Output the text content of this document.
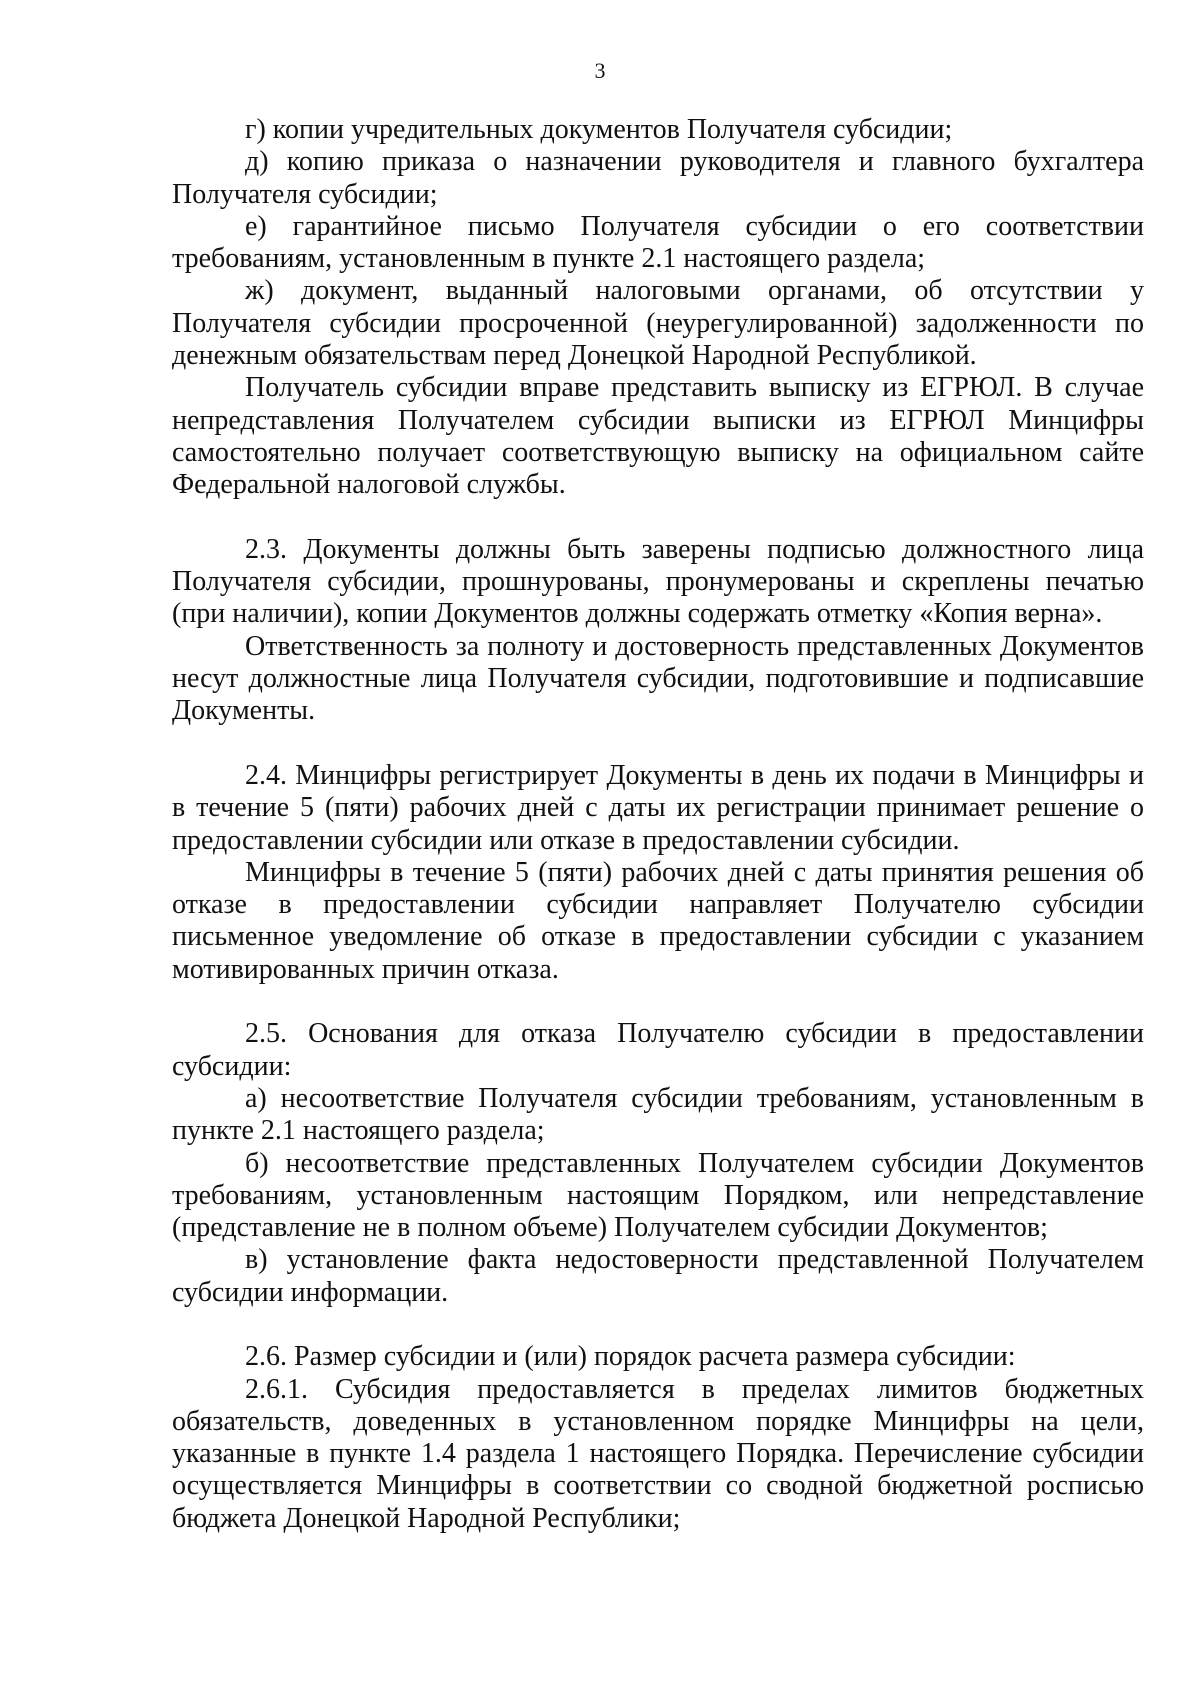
3

г) копии учредительных документов Получателя субсидии;

д) копию приказа о назначении руководителя и главного бухгалтера Получателя субсидии;

е) гарантийное письмо Получателя субсидии о его соответствии требованиям, установленным в пункте 2.1 настоящего раздела;

ж) документ, выданный налоговыми органами, об отсутствии у Получателя субсидии просроченной (неурегулированной) задолженности по денежным обязательствам перед Донецкой Народной Республикой.

Получатель субсидии вправе представить выписку из ЕГРЮЛ. В случае непредставления Получателем субсидии выписки из ЕГРЮЛ Минцифры самостоятельно получает соответствующую выписку на официальном сайте Федеральной налоговой службы.

2.3. Документы должны быть заверены подписью должностного лица Получателя субсидии, прошнурованы, пронумерованы и скреплены печатью (при наличии), копии Документов должны содержать отметку «Копия верна».

Ответственность за полноту и достоверность представленных Документов несут должностные лица Получателя субсидии, подготовившие и подписавшие Документы.

2.4. Минцифры регистрирует Документы в день их подачи в Минцифры и в течение 5 (пяти) рабочих дней с даты их регистрации принимает решение о предоставлении субсидии или отказе в предоставлении субсидии.

Минцифры в течение 5 (пяти) рабочих дней с даты принятия решения об отказе в предоставлении субсидии направляет Получателю субсидии письменное уведомление об отказе в предоставлении субсидии с указанием мотивированных причин отказа.

2.5. Основания для отказа Получателю субсидии в предоставлении субсидии:

а) несоответствие Получателя субсидии требованиям, установленным в пункте 2.1 настоящего раздела;

б) несоответствие представленных Получателем субсидии Документов требованиям, установленным настоящим Порядком, или непредставление (представление не в полном объеме) Получателем субсидии Документов;

в) установление факта недостоверности представленной Получателем субсидии информации.

2.6. Размер субсидии и (или) порядок расчета размера субсидии:

2.6.1. Субсидия предоставляется в пределах лимитов бюджетных обязательств, доведенных в установленном порядке Минцифры на цели, указанные в пункте 1.4 раздела 1 настоящего Порядка. Перечисление субсидии осуществляется Минцифры в соответствии со сводной бюджетной росписью бюджета Донецкой Народной Республики;
